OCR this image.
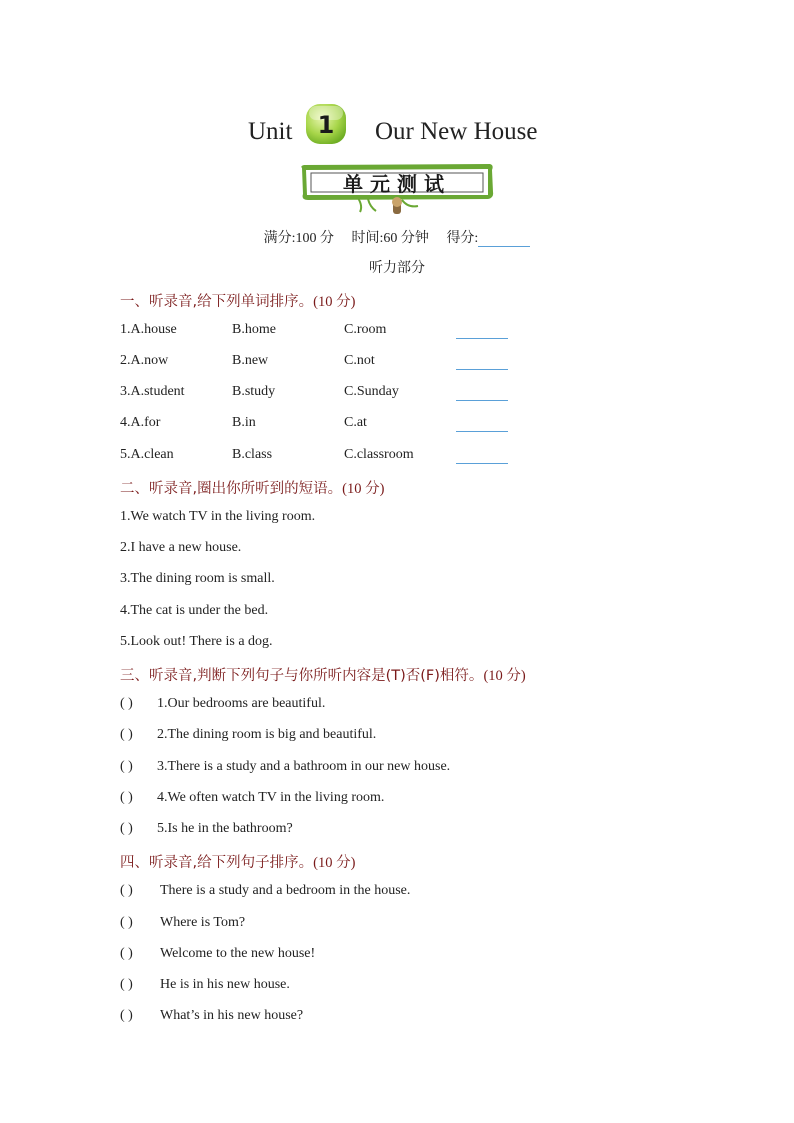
Unit 1 Our New House
单元测试
满分:100 分 时间:60 分钟 得分:
听力部分
一、听录音,给下列单词排序。(10 分)
1.A.house	B.home	C.room
2.A.now	B.new	C.not
3.A.student	B.study	C.Sunday
4.A.for	B.in	C.at
5.A.clean	B.class	C.classroom
二、听录音,圈出你所听到的短语。(10 分)
1.We watch TV in the living room.
2.I have a new house.
3.The dining room is small.
4.The cat is under the bed.
5.Look out! There is a dog.
三、听录音,判断下列句子与你所听内容是(T)否(F)相符。(10 分)
( ) 1.Our bedrooms are beautiful.
( ) 2.The dining room is big and beautiful.
( ) 3.There is a study and a bathroom in our new house.
( ) 4.We often watch TV in the living room.
( ) 5.Is he in the bathroom?
四、听录音,给下列句子排序。(10 分)
( ) There is a study and a bedroom in the house.
( ) Where is Tom?
( ) Welcome to the new house!
( ) He is in his new house.
( ) What’s in his new house?
